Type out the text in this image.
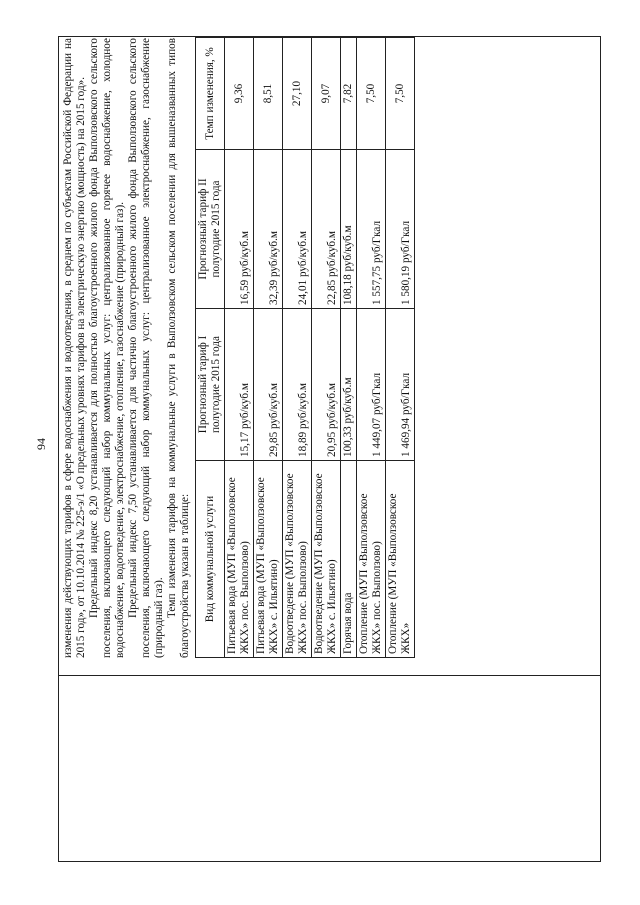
94 изменения действующих тарифов в сфере водоснабжения и водоотведения, в среднем по субъектам Российской Федерации на 2015 год», от 10.10.2014 № 225-э/1 «О предельных уровнях тарифов на электрическую энергию (мощность) на 2015 год». Предельный индекс 8,20 устанавливается для полностью благоустроенного жилого фонда Выползовского сельского поселения, включающего следующий набор коммунальных услуг: централизованное горячее водоснабжение, холодное водоснабжение, водоотведение, электроснабжение, отопление, газоснабжение (природный газ). Предельный индекс 7,50 устанавливается для частично благоустроенного жилого фонда Выползовского сельского поселения, включающего следующий набор коммунальных услуг: централизованное электроснабжение, газоснабжение (природный газ). Темп изменения тарифов на коммунальные услуги в Выползовском сельском поселении для вышеназванных типов благоустройства указан в таблице: Вид коммунальной услуги	Прогнозный тариф I полугодие 2015 года	Прогнозный тариф II полугодие 2015 года	Темп изменения, %
Питьевая вода (МУП «Выползовское ЖКХ» пос. Выползово)	15,17 руб/куб.м	16,59 руб/куб.м	9,36
Питьевая вода (МУП «Выползовское ЖКХ» с. Ильятино)	29,85 руб/куб.м	32,39 руб/куб.м	8,51
Водоотведение (МУП «Выползовское ЖКХ» пос. Выползово)	18,89 руб/куб.м	24,01 руб/куб.м	27,10
Водоотведение (МУП «Выползовское ЖКХ» с. Ильятино)	20,95 руб/куб.м	22,85 руб/куб.м	9,07
Горячая вода	100,33 руб/куб.м	108,18 руб/куб.м	7,82
Отопление (МУП «Выползовское ЖКХ» пос. Выползово)	1 449,07 руб/Гкал	1 557,75 руб/Гкал	7,50
Отопление (МУП «Выползовское ЖКХ»	1 469,94 руб/Гкал	1 580,19 руб/Гкал	7,50
